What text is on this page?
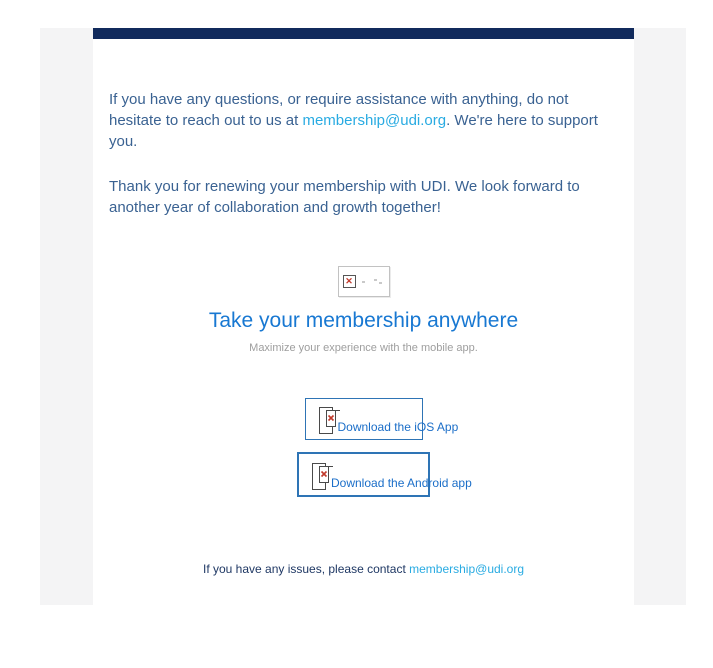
If you have any questions, or require assistance with anything, do not hesitate to reach out to us at membership@udi.org. We're here to support you.

Thank you for renewing your membership with UDI. We look forward to another year of collaboration and growth together!

✕
Take your membership anywhere

Maximize your experience with the mobile app.

Download the iOS App
Download the Android app

If you have any issues, please contact membership@udi.org
